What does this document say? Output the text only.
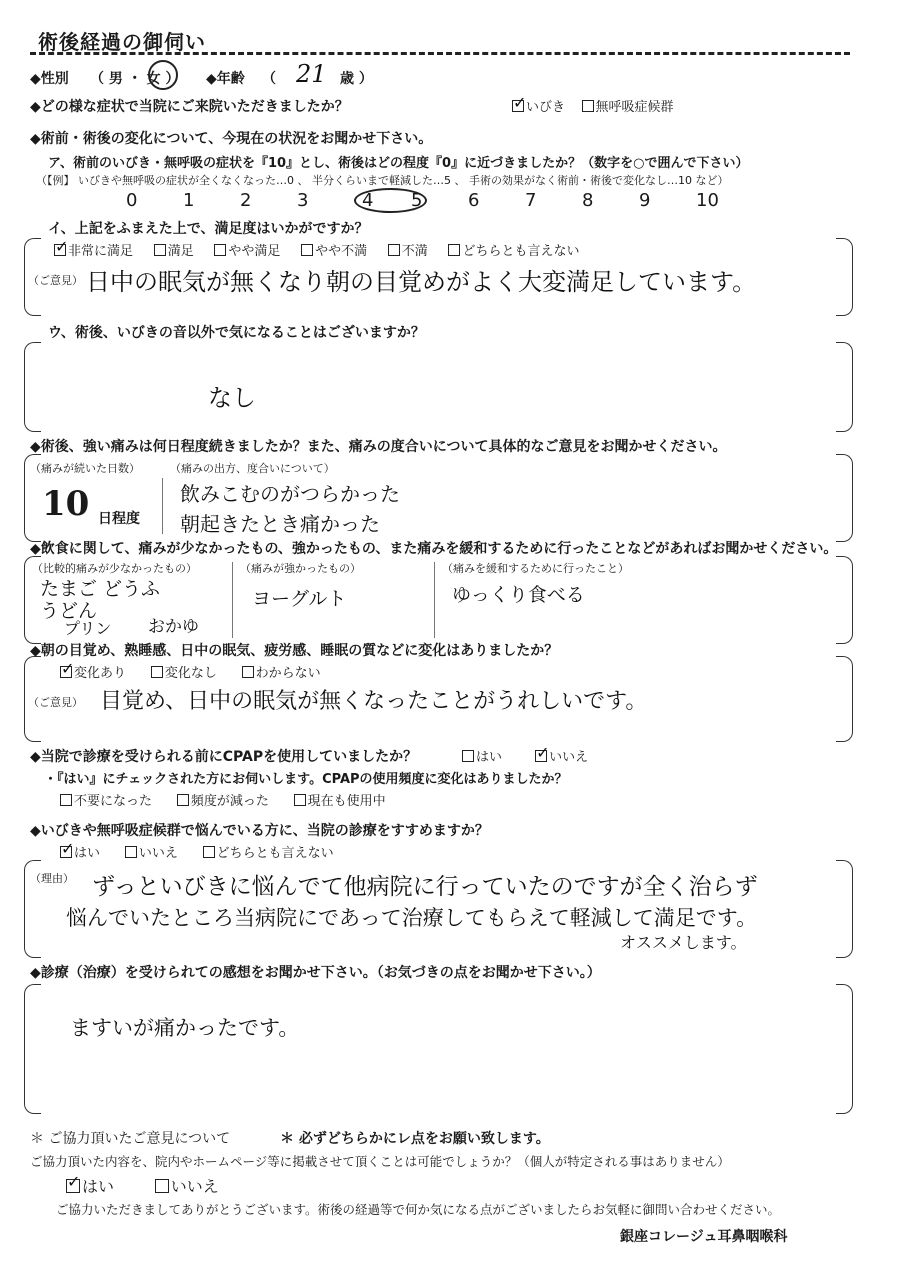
術後経過の御伺い
◆性別 （ 男 ・ 女 ） ◆年齢 （ 21 歳 ）
◆どの様な症状で当院にご来院いただきましたか？ ✓	いびき 無呼吸症候群
◆術前・術後の変化について、今現在の状況をお聞かせ下さい。
ア、術前のいびき・無呼吸の症状を『10』とし、術後はどの程度『0』に近づきましたか？（数字を○で囲んで下さい）
（【例】 いびきや無呼吸の症状が全くなくなった…0 、 半分くらいまで軽減した…5 、 手術の効果がなく術前・術後で変化なし…10 など）
0	1	2	3	4 5	6	7	8	9	10
イ、上記をふまえた上で、満足度はいかがですか？
✓非常に満足	満足	やや満足	やや不満	不満	どちらとも言えない
（ご意見） 日中の眠気が無くなり朝の目覚めがよく大変満足しています。
ウ、術後、いびきの音以外で気になることはございますか？
なし
◆術後、強い痛みは何日程度続きましたか？また、痛みの度合いについて具体的なご意見をお聞かせください。
（痛みが続いた日数）
10 日程度
（痛みの出方、度合いについて）
飲みこむのがつらかった
朝起きたとき痛かった
◆飲食に関して、痛みが少なかったもの、強かったもの、また痛みを緩和するために行ったことなどがあればお聞かせください。
（比較的痛みが少なかったもの）
たまご どうふ
うどん
プリン おかゆ
（痛みが強かったもの）
ヨーグルト
（痛みを緩和するために行ったこと）
ゆっくり食べる
◆朝の目覚め、熟睡感、日中の眠気、疲労感、睡眠の質などに変化はありましたか？
✓変化あり	変化なし	わからない
（ご意見） 目覚め、日中の眠気が無くなったことがうれしいです。
◆当院で診療を受けられる前にCPAPを使用していましたか？	はい ✓	いいえ
・『はい』にチェックされた方にお伺いします。CPAPの使用頻度に変化はありましたか？
不要になった	頻度が減った	現在も使用中
◆いびきや無呼吸症候群で悩んでいる方に、当院の診療をすすめますか？
✓はい	いいえ	どちらとも言えない
（理由） ずっといびきに悩んでて他病院に行っていたのですが全く治らず
悩んでいたところ当病院にであって治療してもらえて軽減して満足です。
オススメします。
◆診療（治療）を受けられての感想をお聞かせ下さい。（お気づきの点をお聞かせ下さい。）
ますいが痛かったです。
＊ ご協力頂いたご意見について	＊ 必ずどちらかにレ点をお願い致します。
ご協力頂いた内容を、院内やホームページ等に掲載させて頂くことは可能でしょうか？（個人が特定される事はありません）
✓はい	いいえ
ご協力いただきましてありがとうございます。術後の経過等で何か気になる点がございましたらお気軽に御問い合わせください。
銀座コレージュ耳鼻咽喉科
